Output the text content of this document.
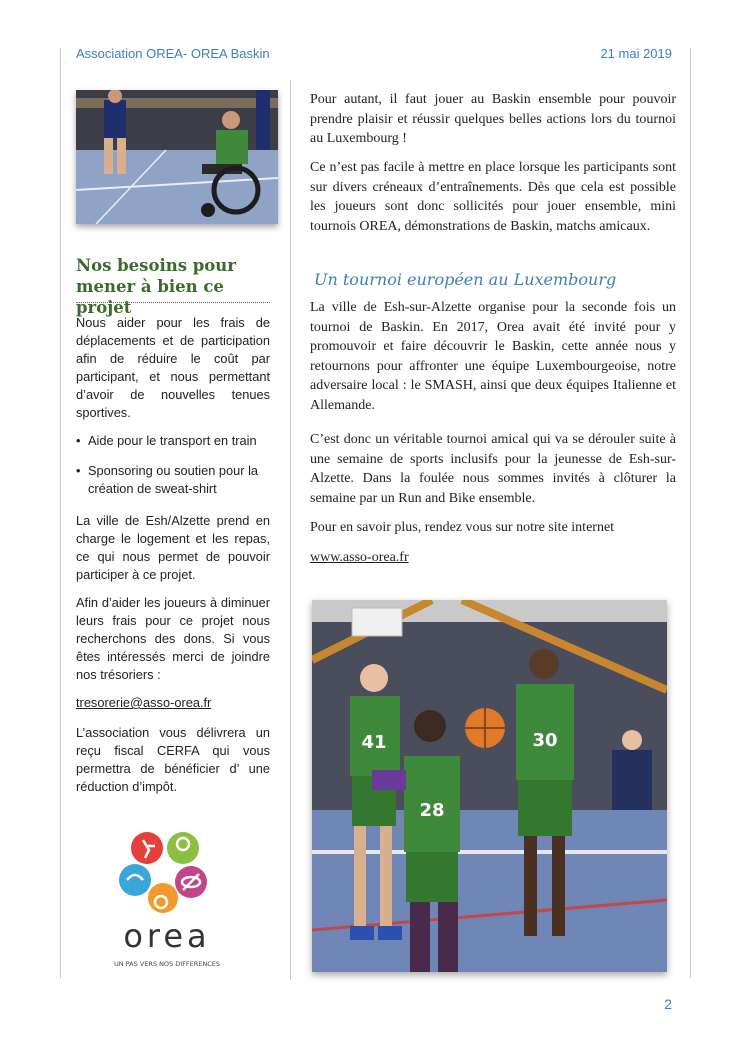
Association OREA- OREA Baskin	21 mai 2019
Nos besoins pour
mener à bien ce projet
Nous aider pour les frais de déplacements et de participation afin de réduire le coût par participant, et nous permettant d’avoir de nouvelles tenues sportives.
• Aide pour le transport en train
• Sponsoring ou soutien pour la création de sweat-shirt
La ville de Esh/Alzette prend en charge le logement et les repas, ce qui nous permet de pouvoir participer à ce projet.
Afin d’aider les joueurs à diminuer leurs frais pour ce projet nous recherchons des dons. Si vous êtes intéressés merci de joindre nos trésoriers :
tresorerie@asso-orea.fr
L’association vous délivrera un reçu fiscal CERFA qui vous permettra de bénéficier d’ une réduction d’impôt.
orea
UN PAS VERS NOS DIFFERENCES
Pour autant, il faut jouer au Baskin ensemble pour pouvoir prendre plaisir et réussir quelques belles actions lors du tournoi au Luxembourg !
Ce n’est pas facile à mettre en place lorsque les participants sont sur divers créneaux d’entraînements. Dès que cela est possible les joueurs sont donc sollicités pour jouer ensemble, mini tournois OREA, démonstrations de Baskin, matchs amicaux.
Un tournoi européen au Luxembourg
La ville de Esh-sur-Alzette organise pour la seconde fois un tournoi de Baskin. En 2017, Orea avait été invité pour y promouvoir et faire découvrir le Baskin, cette année nous y retournons pour affronter une équipe Luxembourgeoise, notre adversaire local : le SMASH, ainsi que deux équipes Italienne et Allemande.
C’est donc un véritable tournoi amical qui va se dérouler suite à une semaine de sports inclusifs pour la jeunesse de Esh-sur-Alzette. Dans la foulée nous sommes invités à clôturer la semaine par un Run and Bike ensemble.
Pour en savoir plus, rendez vous sur notre site internet
www.asso-orea.fr
41	30
28
2
